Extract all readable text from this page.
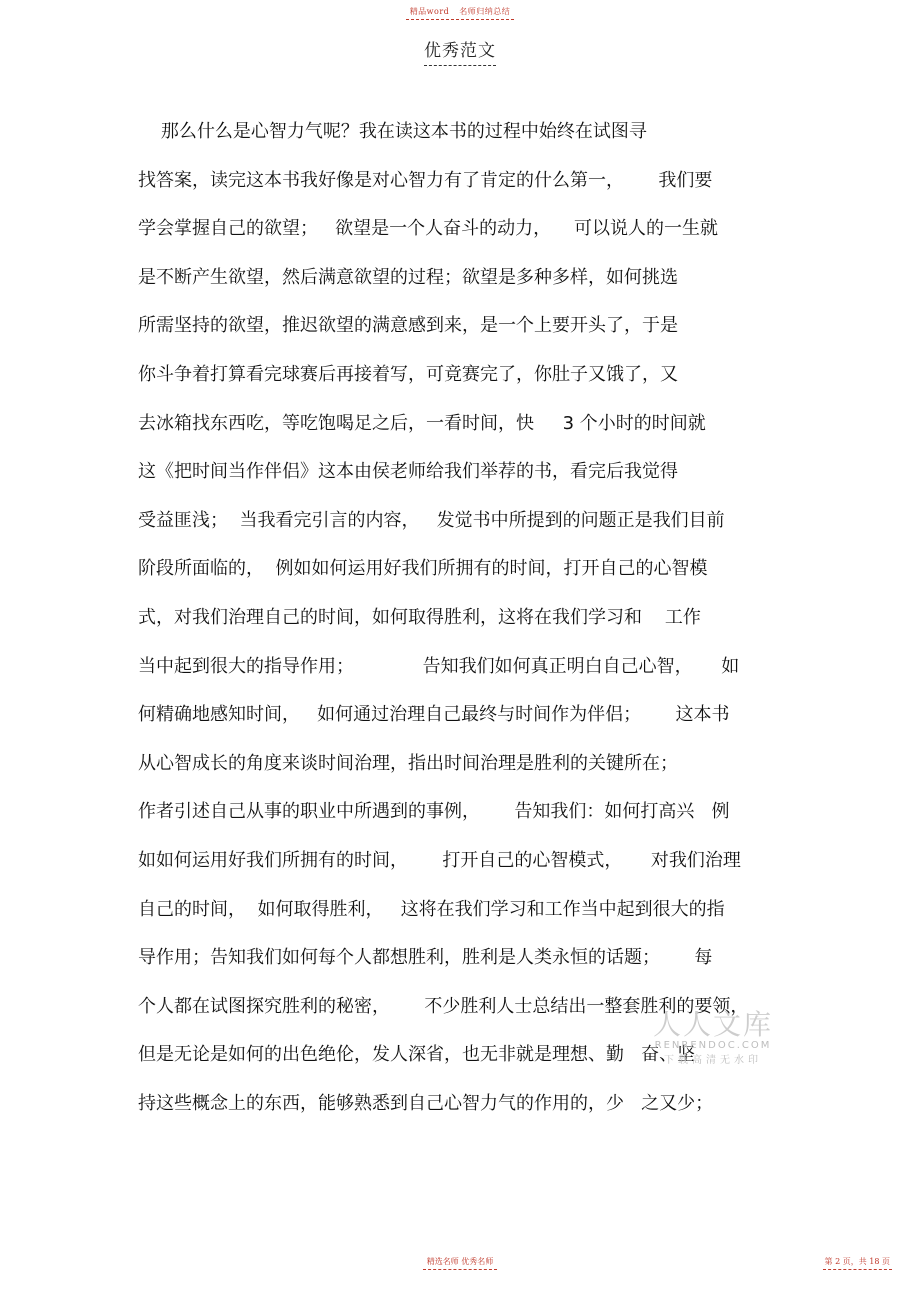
精品word 名师归纳总结
优秀范文
那么什么是心智力气呢？我在读这本书的过程中始终在试图寻
找答案，读完这本书我好像是对心智力有了肯定的什么第一，      我们要
学会掌握自己的欲望；   欲望是一个人奋斗的动力，    可以说人的一生就
是不断产生欲望，然后满意欲望的过程；欲望是多种多样，如何挑选
所需坚持的欲望，推迟欲望的满意感到来，是一个上要开头了，于是
你斗争着打算看完球赛后再接着写，可竟赛完了，你肚子又饿了，又
去冰箱找东西吃，等吃饱喝足之后，一看时间，快     3 个小时的时间就
这《把时间当作伴侣》这本由侯老师给我们举荐的书，看完后我觉得
受益匪浅；  当我看完引言的内容，   发觉书中所提到的问题正是我们目前
阶段所面临的，  例如如何运用好我们所拥有的时间，打开自己的心智模
式，对我们治理自己的时间，如何取得胜利，这将在我们学习和    工作
当中起到很大的指导作用；            告知我们如何真正明白自己心智，     如
何精确地感知时间，   如何通过治理自己最终与时间作为伴侣；      这本书
从心智成长的角度来谈时间治理，指出时间治理是胜利的关键所在；
作者引述自己从事的职业中所遇到的事例，      告知我们：如何打高兴   例
如如何运用好我们所拥有的时间，      打开自己的心智模式，     对我们治理
自己的时间，  如何取得胜利，   这将在我们学习和工作当中起到很大的指
导作用；告知我们如何每个人都想胜利，胜利是人类永恒的话题；      每
个人都在试图探究胜利的秘密，      不少胜利人士总结出一整套胜利的要领，
但是无论是如何的出色绝伦，发人深省，也无非就是理想、勤   奋、坚
持这些概念上的东西，能够熟悉到自己心智力气的作用的，少   之又少；
人人文库
RENRENDOC.COM
下载高清无水印
精选名师 优秀名师	第 2 页，共 18 页
